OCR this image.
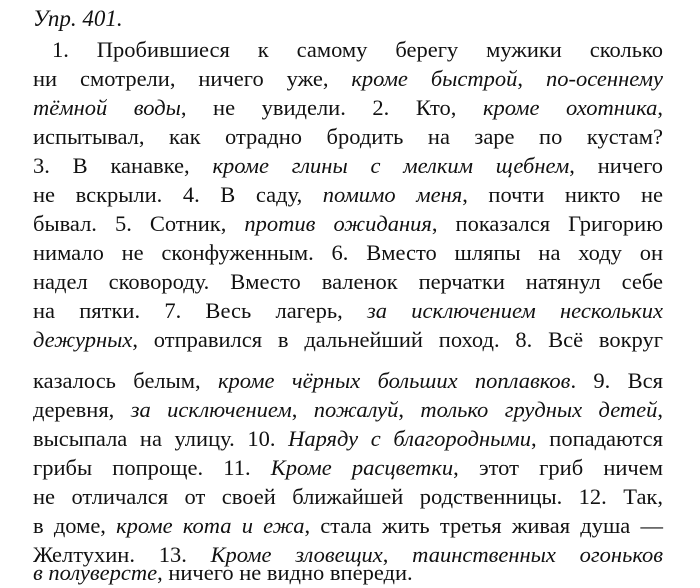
Упр. 401.
1. Пробившиеся к самому берегу мужики сколько
ни смотрели, ничего уже, кроме быстрой, по-осеннему
тёмной воды, не увидели. 2. Кто, кроме охотника,
испытывал, как отрадно бродить на заре по кустам?
3. В канавке, кроме глины с мелким щебнем, ничего
не вскрыли. 4. В саду, помимо меня, почти никто не
бывал. 5. Сотник, против ожидания, показался Григорию
нимало не сконфуженным. 6. Вместо шляпы на ходу он
надел сковороду. Вместо валенок перчатки натянул себе
на пятки. 7. Весь лагерь, за исключением нескольких
дежурных, отправился в дальнейший поход. 8. Всё вокруг
казалось белым, кроме чёрных больших поплавков. 9. Вся
деревня, за исключением, пожалуй, только грудных детей,
высыпала на улицу. 10. Наряду с благородными, попадаются
грибы попроще. 11. Кроме расцветки, этот гриб ничем
не отличался от своей ближайшей родственницы. 12. Так,
в доме, кроме кота и ежа, стала жить третья живая душа —
Желтухин. 13. Кроме зловещих, таинственных огоньков
в полуверсте, ничего не видно впереди.
